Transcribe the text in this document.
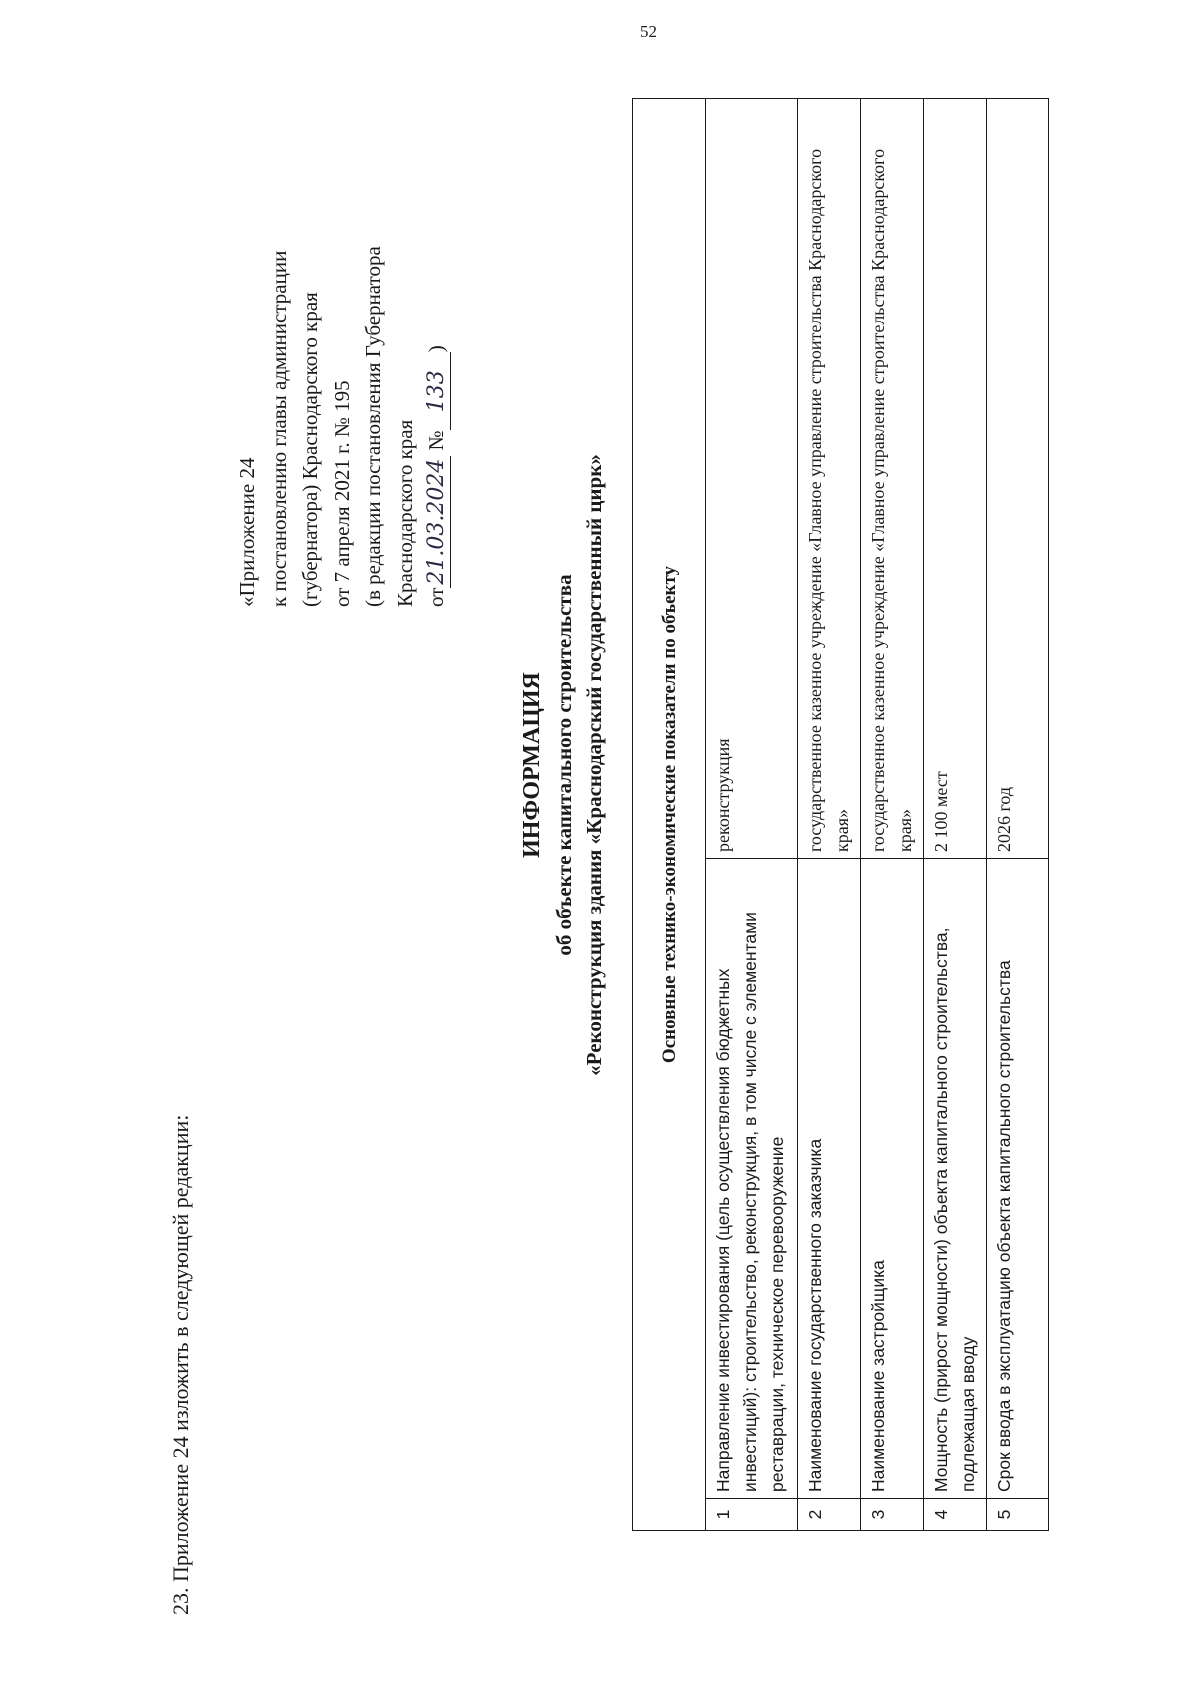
52
23. Приложение 24 изложить в следующей редакции:
«Приложение 24 к постановлению главы администрации (губернатора) Краснодарского края от 7 апреля 2021 г. № 195 (в редакции постановления Губернатора Краснодарского края от21.03.2024 №133)
ИНФОРМАЦИЯ об объекте капитального строительства «Реконструкция здания «Краснодарский государственный цирк»	Основные технико-экономические показатели по объекту		
1	Направление инвестирования (цель осуществления бюджетных инвестиций): строительство, реконструкция, в том числе с элементами реставрации, техническое перевооружение	реконструкция
2	Наименование государственного заказчика	государственное казенное учреждение «Главное управление строительства Краснодарского края»
3	Наименование застройщика	государственное казенное учреждение «Главное управление строительства Краснодарского края»
4	Мощность (прирост мощности) объекта капитального строительства, подлежащая вводу	2 100 мест
5	Срок ввода в эксплуатацию объекта капитального строительства	2026 год
